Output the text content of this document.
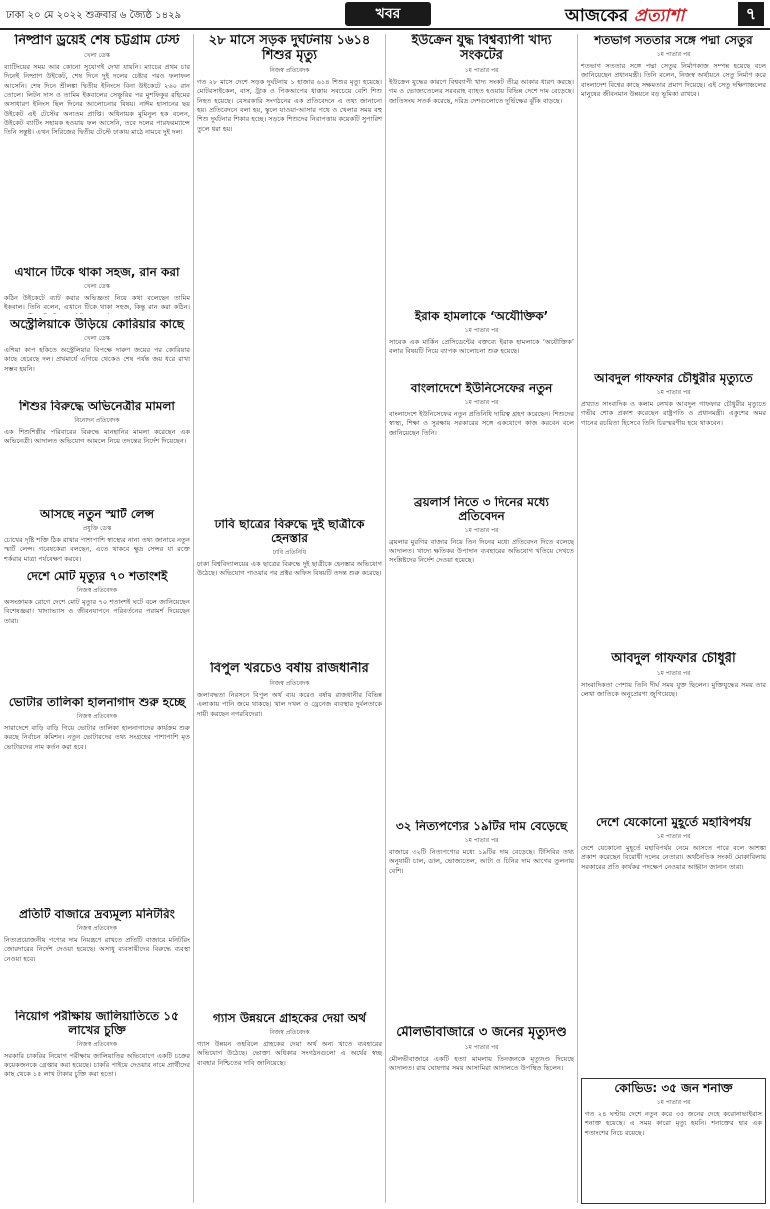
ঢাকা ২০ মে ২০২২ শুক্রবার ৬ জ্যৈষ্ঠ ১৪২৯	খবর	আজকের প্রত্যাশা	৭
নিষ্প্রাণ ড্রয়েই শেষ চট্টগ্রাম টেস্ট
খেলা ডেস্ক

ব্যাটিংয়ের সময় আর কোনো সুযোগই দেখা যায়নি। ম্যাচের প্রথম চার দিনেই নিষ্প্রাণ উইকেট, শেষ দিনে দুই দলের চেষ্টার পরও ফলাফল আসেনি। শেষ দিনে শ্রীলঙ্কা দ্বিতীয় ইনিংসে বিনা উইকেটে ২৬০ রান তোলে। লিটন দাস ও তামিম ইকবালের সেঞ্চুরির পর মুশফিকুর রহিমের অসাধারণ ইনিংস ছিল দিনের আলোচনার বিষয়। নাঈম হাসানের ছয় উইকেট এই টেস্টের অন্যতম প্রাপ্তি। অধিনায়ক মুমিনুল হক বলেন, উইকেট ব্যাটিং সহায়ক হওয়ায় ফল আসেনি, তবে দলের পারফরম্যান্সে তিনি সন্তুষ্ট। এখন সিরিজের দ্বিতীয় টেস্টে ঢাকায় মাঠে নামবে দুই দল।

এখানে টিকে থাকা সহজ, রান করা
খেলা ডেস্ক

কঠিন উইকেটে ব্যাট করার অভিজ্ঞতা নিয়ে কথা বলেছেন তামিম ইকবাল। তিনি বলেন, এখানে টিকে থাকা সহজ, কিন্তু রান করা কঠিন।

অস্ট্রেলিয়াকে উড়িয়ে কোরিয়ার কাছে
খেলা ডেস্ক

এশিয়া কাপ হকিতে অস্ট্রেলিয়ার বিপক্ষে দারুণ জয়ের পর কোরিয়ার কাছে হেরেছে দল। প্রথমার্ধে এগিয়ে থেকেও শেষ পর্যন্ত জয় ধরে রাখা সম্ভব হয়নি।

শিশুর বিরুদ্ধে অভিনেত্রীর মামলা
বিনোদন প্রতিবেদক

এক শিশুশিল্পীর পরিবারের বিরুদ্ধে মানহানির মামলা করেছেন এক অভিনেত্রী। আদালত অভিযোগ আমলে নিয়ে তদন্তের নির্দেশ দিয়েছেন।

আসছে নতুন স্মার্ট লেন্স
প্রযুক্তি ডেস্ক

চোখের দৃষ্টি শক্তি ঠিক রাখার পাশাপাশি স্বাস্থ্যের নানা তথ্য জানাবে নতুন স্মার্ট লেন্স। গবেষকেরা বলছেন, এতে থাকবে ক্ষুদ্র সেন্সর যা রক্তে শর্করার মাত্রা পর্যবেক্ষণ করবে।

দেশে মোট মৃত্যুর ৭০ শতাংশই
নিজস্ব প্রতিবেদক

অসংক্রামক রোগে দেশে মোট মৃত্যুর ৭০ শতাংশই ঘটে বলে জানিয়েছেন বিশেষজ্ঞরা। খাদ্যাভ্যাস ও জীবনযাপনে পরিবর্তনের পরামর্শ দিয়েছেন তারা।

ভোটার তালিকা হালনাগাদ শুরু হচ্ছে
নিজস্ব প্রতিবেদক

সারাদেশে বাড়ি বাড়ি গিয়ে ভোটার তালিকা হালনাগাদের কার্যক্রম শুরু করছে নির্বাচন কমিশন। নতুন ভোটারদের তথ্য সংগ্রহের পাশাপাশি মৃত ভোটারদের নাম কর্তন করা হবে।

প্রতিটি বাজারে দ্রব্যমূল্য মনিটরিং
নিজস্ব প্রতিবেদক

নিত্যপ্রয়োজনীয় পণ্যের দাম নিয়ন্ত্রণে রাখতে প্রতিটি বাজারে মনিটরিং জোরদারের নির্দেশ দেওয়া হয়েছে। অসাধু ব্যবসায়ীদের বিরুদ্ধে ব্যবস্থা নেওয়া হবে।

নিয়োগ পরীক্ষায় জালিয়াতিতে ১৫ লাখের চুক্তি
নিজস্ব প্রতিবেদক

সরকারি চাকরির নিয়োগ পরীক্ষায় জালিয়াতির অভিযোগে একটি চক্রের কয়েকজনকে গ্রেপ্তার করা হয়েছে। চাকরি পাইয়ে দেওয়ার নামে প্রার্থীদের কাছ থেকে ১৫ লাখ টাকার চুক্তি করা হতো।

২৮ মাসে সড়ক দুর্ঘটনায় ১৬১৪ শিশুর মৃত্যু
নিজস্ব প্রতিবেদক

গত ২৮ মাসে দেশে সড়ক দুর্ঘটনায় ১ হাজার ৬১৪ শিশুর মৃত্যু হয়েছে। মোটরসাইকেল, বাস, ট্রাক ও পিকআপের ধাক্কায় সবচেয়ে বেশি শিশু নিহত হয়েছে। বেসরকারি সংগঠনের এক প্রতিবেদনে এ তথ্য জানানো হয়। প্রতিবেদনে বলা হয়, স্কুলে যাওয়া-আসার পথে ও খেলার সময় বহু শিশু দুর্ঘটনার শিকার হচ্ছে। সড়কে শিশুদের নিরাপত্তায় কয়েকটি সুপারিশ তুলে ধরা হয়।

ঢাবি ছাত্রের বিরুদ্ধে দুই ছাত্রীকে হেনস্তার
ঢাবি প্রতিনিধি

ঢাকা বিশ্ববিদ্যালয়ের এক ছাত্রের বিরুদ্ধে দুই ছাত্রীকে হেনস্তার অভিযোগ উঠেছে। অভিযোগ পাওয়ার পর প্রক্টর অফিস বিষয়টি তদন্ত শুরু করেছে।

বিপুল খরচেও বর্ষায় রাজধানীর
নিজস্ব প্রতিবেদক

জলাবদ্ধতা নিরসনে বিপুল অর্থ ব্যয় করেও বর্ষায় রাজধানীর বিভিন্ন এলাকায় পানি জমে থাকছে। খাল দখল ও ড্রেনেজ ব্যবস্থার দুর্বলতাকে দায়ী করছেন নগরবিদেরা।

গ্যাস উন্নয়নে গ্রাহকের দেয়া অর্থ
নিজস্ব প্রতিবেদক

গ্যাস উন্নয়ন তহবিলে গ্রাহকের দেয়া অর্থ অন্য খাতে ব্যবহারের অভিযোগ উঠেছে। ভোক্তা অধিকার সংগঠনগুলো এ অর্থের স্বচ্ছ ব্যবহার নিশ্চিতের দাবি জানিয়েছে।

ইউক্রেন যুদ্ধ বিশ্বব্যাপী খাদ্য সংকটের
১ম পাতার পর

ইউক্রেন যুদ্ধের কারণে বিশ্বব্যাপী খাদ্য সংকট তীব্র আকার ধারণ করছে। গম ও ভোজ্যতেলের সরবরাহ ব্যাহত হওয়ায় বিভিন্ন দেশে দাম বেড়েছে। জাতিসংঘ সতর্ক করেছে, দরিদ্র দেশগুলোতে দুর্ভিক্ষের ঝুঁকি বাড়ছে।

ইরাক হামলাকে ‘অযৌক্তিক’
১ম পাতার পর

সাবেক এক মার্কিন প্রেসিডেন্টের বক্তব্যে ইরাক হামলাকে ‘অযৌক্তিক’ বলার বিষয়টি নিয়ে ব্যাপক আলোচনা শুরু হয়েছে।

বাংলাদেশে ইউনিসেফের নতুন
১ম পাতার পর

বাংলাদেশে ইউনিসেফের নতুন প্রতিনিধি দায়িত্ব গ্রহণ করেছেন। শিশুদের স্বাস্থ্য, শিক্ষা ও সুরক্ষায় সরকারের সঙ্গে একযোগে কাজ করবেন বলে জানিয়েছেন তিনি।

ব্রয়লার্স নিতে ৩ দিনের মধ্যে প্রতিবেদন
১ম পাতার পর

ব্রয়লার মুরগির বাজার নিয়ে তিন দিনের মধ্যে প্রতিবেদন দিতে বলেছে আদালত। খাদ্যে ক্ষতিকর উপাদান ব্যবহারের অভিযোগ খতিয়ে দেখতে সংশ্লিষ্টদের নির্দেশ দেওয়া হয়েছে।

৩২ নিত্যপণ্যের ১৯টির দাম বেড়েছে
১ম পাতার পর

বাজারে ৩২টি নিত্যপণ্যের মধ্যে ১৯টির দাম বেড়েছে। টিসিবির তথ্য অনুযায়ী চাল, ডাল, ভোজ্যতেল, আটা ও চিনির দাম আগের তুলনায় বেশি।

মৌলভীবাজারে ৩ জনের মৃত্যুদণ্ড
১ম পাতার পর

মৌলভীবাজারে একটি হত্যা মামলায় তিনজনকে মৃত্যুদণ্ড দিয়েছে আদালত। রায় ঘোষণার সময় আসামিরা আদালতে উপস্থিত ছিলেন।

শতভাগ সততার সঙ্গে পদ্মা সেতুর
১ম পাতার পর

শতভাগ সততার সঙ্গে পদ্মা সেতুর নির্মাণকাজ সম্পন্ন হয়েছে বলে জানিয়েছেন প্রধানমন্ত্রী। তিনি বলেন, নিজস্ব অর্থায়নে সেতু নির্মাণ করে বাংলাদেশ বিশ্বের কাছে সক্ষমতার প্রমাণ দিয়েছে। এই সেতু দক্ষিণাঞ্চলের মানুষের জীবনমান উন্নয়নে বড় ভূমিকা রাখবে।

আবদুল গাফফার চৌধুরীর মৃত্যুতে
১ম পাতার পর

প্রখ্যাত সাংবাদিক ও কলাম লেখক আবদুল গাফফার চৌধুরীর মৃত্যুতে গভীর শোক প্রকাশ করেছেন রাষ্ট্রপতি ও প্রধানমন্ত্রী। একুশের অমর গানের রচয়িতা হিসেবে তিনি চিরস্মরণীয় হয়ে থাকবেন।

আবদুল গাফফার চৌধুরী
১ম পাতার পর

সাংবাদিকতা পেশায় তিনি দীর্ঘ সময় যুক্ত ছিলেন। মুক্তিযুদ্ধের সময় তার লেখা জাতিকে অনুপ্রেরণা জুগিয়েছে।

দেশে যেকোনো মুহূর্তে মহাবিপর্যয়
১ম পাতার পর

দেশে যেকোনো মুহূর্তে মহাবিপর্যয় নেমে আসতে পারে বলে আশঙ্কা প্রকাশ করেছেন বিরোধী দলের নেতারা। অর্থনৈতিক সংকট মোকাবিলায় সরকারের প্রতি কার্যকর পদক্ষেপ নেওয়ার আহ্বান জানান তারা।

কোভিড: ৩৫ জন শনাক্ত
১ম পাতার পর

গত ২৪ ঘণ্টায় দেশে নতুন করে ৩৫ জনের দেহে করোনাভাইরাস শনাক্ত হয়েছে। এ সময় কারো মৃত্যু হয়নি। শনাক্তের হার এক শতাংশের নিচে রয়েছে।
